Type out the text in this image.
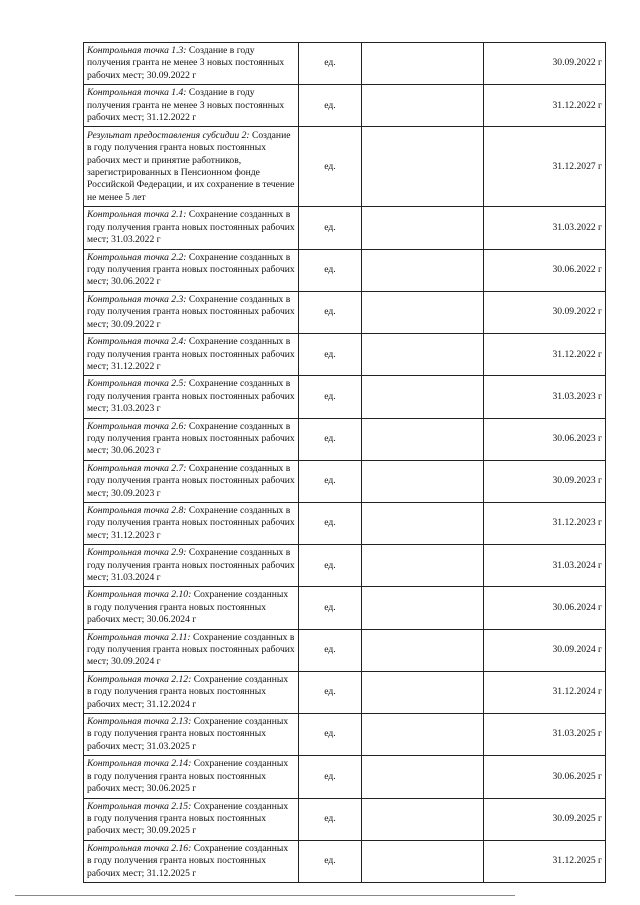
Контрольная точка 1.3: Создание в году получения гранта не менее 3 новых постоянных рабочих мест; 30.09.2022 г	ед.		30.09.2022 г
Контрольная точка 1.4: Создание в году получения гранта не менее 3 новых постоянных рабочих мест; 31.12.2022 г	ед.		31.12.2022 г
Результат предоставления субсидии 2: Создание в году получения гранта новых постоянных рабочих мест и принятие работников, зарегистрированных в Пенсионном фонде Российской Федерации, и их сохранение в течение не менее 5 лет	ед.		31.12.2027 г
Контрольная точка 2.1: Сохранение созданных в году получения гранта новых постоянных рабочих мест; 31.03.2022 г	ед.		31.03.2022 г
Контрольная точка 2.2: Сохранение созданных в году получения гранта новых постоянных рабочих мест; 30.06.2022 г	ед.		30.06.2022 г
Контрольная точка 2.3: Сохранение созданных в году получения гранта новых постоянных рабочих мест; 30.09.2022 г	ед.		30.09.2022 г
Контрольная точка 2.4: Сохранение созданных в году получения гранта новых постоянных рабочих мест; 31.12.2022 г	ед.		31.12.2022 г
Контрольная точка 2.5: Сохранение созданных в году получения гранта новых постоянных рабочих мест; 31.03.2023 г	ед.		31.03.2023 г
Контрольная точка 2.6: Сохранение созданных в году получения гранта новых постоянных рабочих мест; 30.06.2023 г	ед.		30.06.2023 г
Контрольная точка 2.7: Сохранение созданных в году получения гранта новых постоянных рабочих мест; 30.09.2023 г	ед.		30.09.2023 г
Контрольная точка 2.8: Сохранение созданных в году получения гранта новых постоянных рабочих мест; 31.12.2023 г	ед.		31.12.2023 г
Контрольная точка 2.9: Сохранение созданных в году получения гранта новых постоянных рабочих мест; 31.03.2024 г	ед.		31.03.2024 г
Контрольная точка 2.10: Сохранение созданных в году получения гранта новых постоянных рабочих мест; 30.06.2024 г	ед.		30.06.2024 г
Контрольная точка 2.11: Сохранение созданных в году получения гранта новых постоянных рабочих мест; 30.09.2024 г	ед.		30.09.2024 г
Контрольная точка 2.12: Сохранение созданных в году получения гранта новых постоянных рабочих мест; 31.12.2024 г	ед.		31.12.2024 г
Контрольная точка 2.13: Сохранение созданных в году получения гранта новых постоянных рабочих мест; 31.03.2025 г	ед.		31.03.2025 г
Контрольная точка 2.14: Сохранение созданных в году получения гранта новых постоянных рабочих мест; 30.06.2025 г	ед.		30.06.2025 г
Контрольная точка 2.15: Сохранение созданных в году получения гранта новых постоянных рабочих мест; 30.09.2025 г	ед.		30.09.2025 г
Контрольная точка 2.16: Сохранение созданных в году получения гранта новых постоянных рабочих мест; 31.12.2025 г	ед.		31.12.2025 г
